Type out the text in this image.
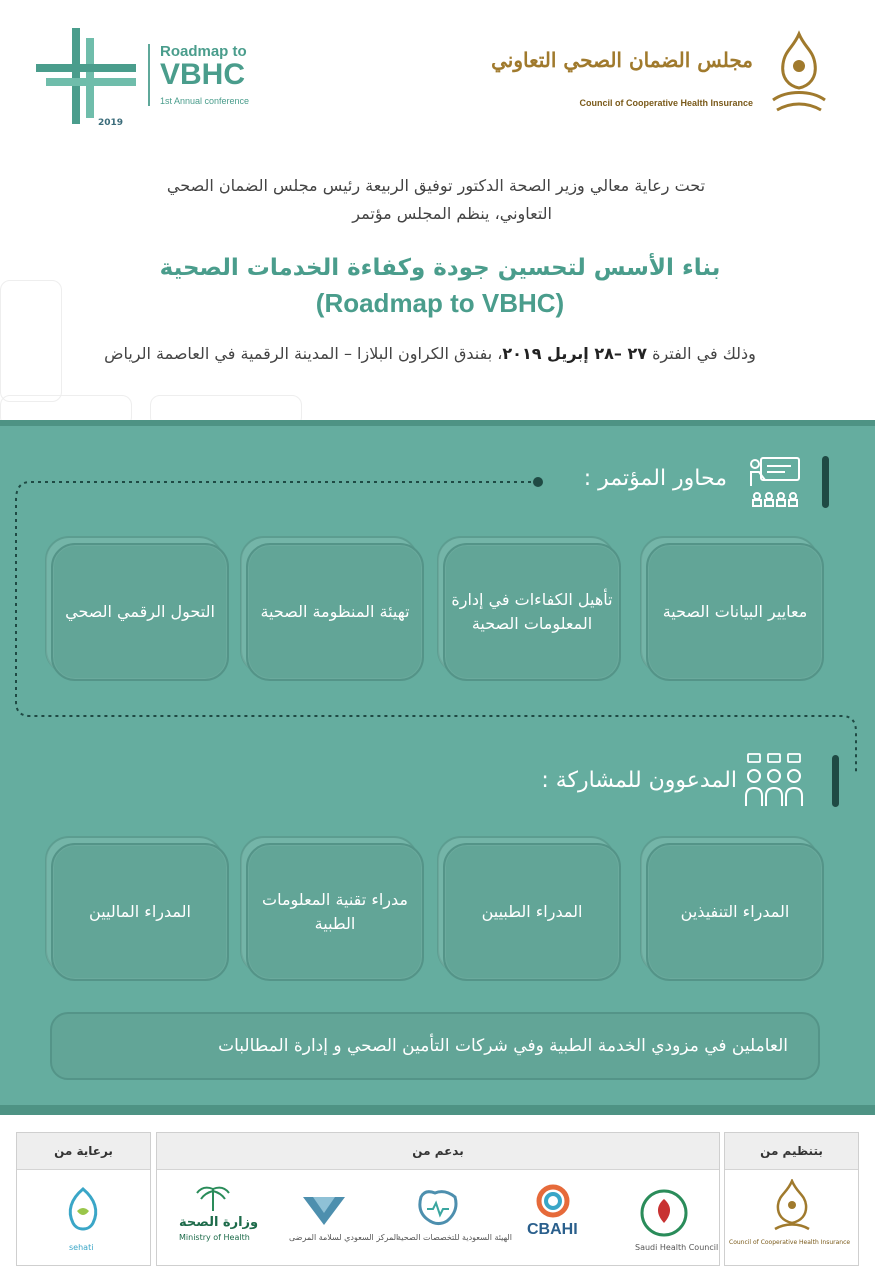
Roadmap to
VBHC
1st Annual conference
2019
مجلس الضمان الصحي التعاوني
Council of Cooperative Health Insurance
تحت رعاية معالي وزير الصحة الدكتور توفيق الربيعة رئيس مجلس الضمان الصحي
التعاوني، ينظم المجلس مؤتمر
بناء الأسس لتحسين جودة وكفاءة الخدمات الصحية
(Roadmap to VBHC)
وذلك في الفترة ٢٧ –٢٨ إبريل ٢٠١٩، بفندق الكراون البلازا – المدينة الرقمية في العاصمة الرياض
محاور المؤتمر :
معايير البيانات الصحية
تأهيل الكفاءات في إدارة المعلومات الصحية
تهيئة المنظومة الصحية
التحول الرقمي الصحي
المدعوون للمشاركة :
المدراء التنفيذين
المدراء الطبيين
مدراء تقنية المعلومات الطبية
المدراء الماليين
العاملين في مزودي الخدمة الطبية وفي شركات التأمين الصحي و إدارة المطالبات
برعاية من
sehati
بدعم من
وزارة الصحة
Ministry of Health	المركز السعودي لسلامة المرضى
الهيئة السعودية للتخصصات الصحية CBAHI
Saudi Health Council
بتنظيم من
Council of Cooperative Health Insurance
